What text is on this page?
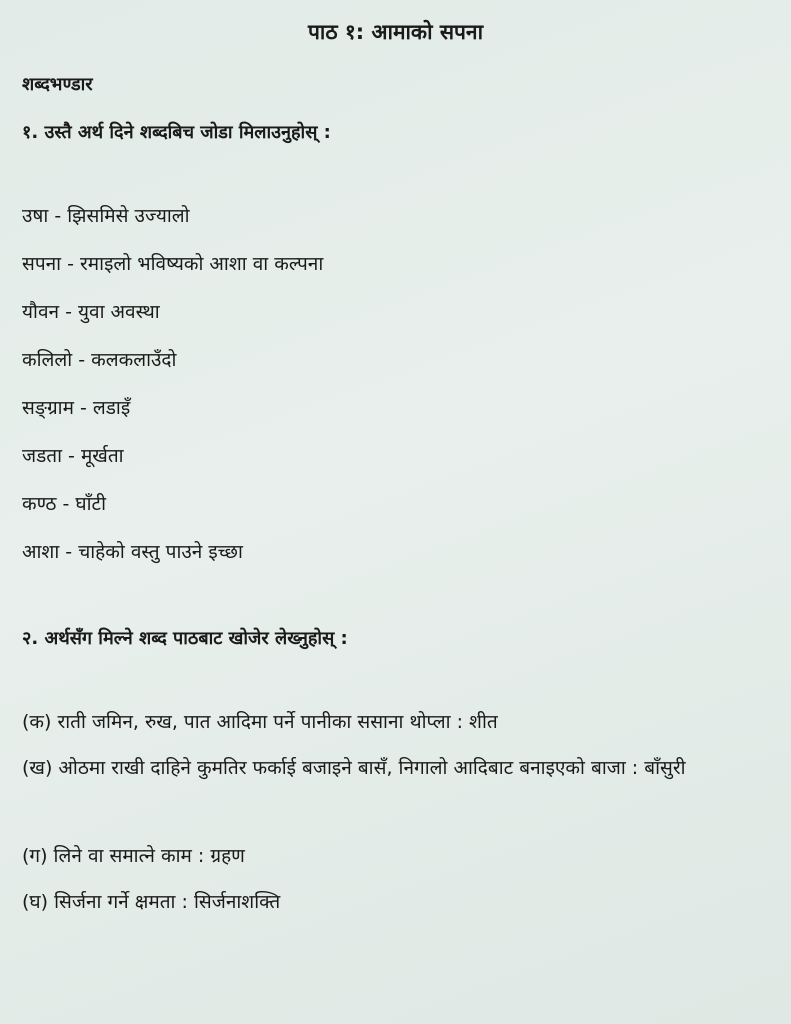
पाठ १: आमाको सपना
शब्दभण्डार
१. उस्तै अर्थ दिने शब्दबिच जोडा मिलाउनुहोस् :
उषा - झिसमिसे उज्यालो
सपना - रमाइलो भविष्यको आशा वा कल्पना
यौवन - युवा अवस्था
कलिलो - कलकलाउँदो
सङ्ग्राम - लडाइँ
जडता - मूर्खता
कण्ठ - घाँटी
आशा - चाहेको वस्तु पाउने इच्छा
२. अर्थसँग मिल्ने शब्द पाठबाट खोजेर लेख्नुहोस् :
(क) राती जमिन, रुख, पात आदिमा पर्ने पानीका ससाना थोप्ला : शीत
(ख) ओठमा राखी दाहिने कुमतिर फर्काई बजाइने बासँ, निगालो आदिबाट बनाइएको बाजा : बाँसुरी
(ग) लिने वा समात्ने काम : ग्रहण
(घ) सिर्जना गर्ने क्षमता : सिर्जनाशक्ति
